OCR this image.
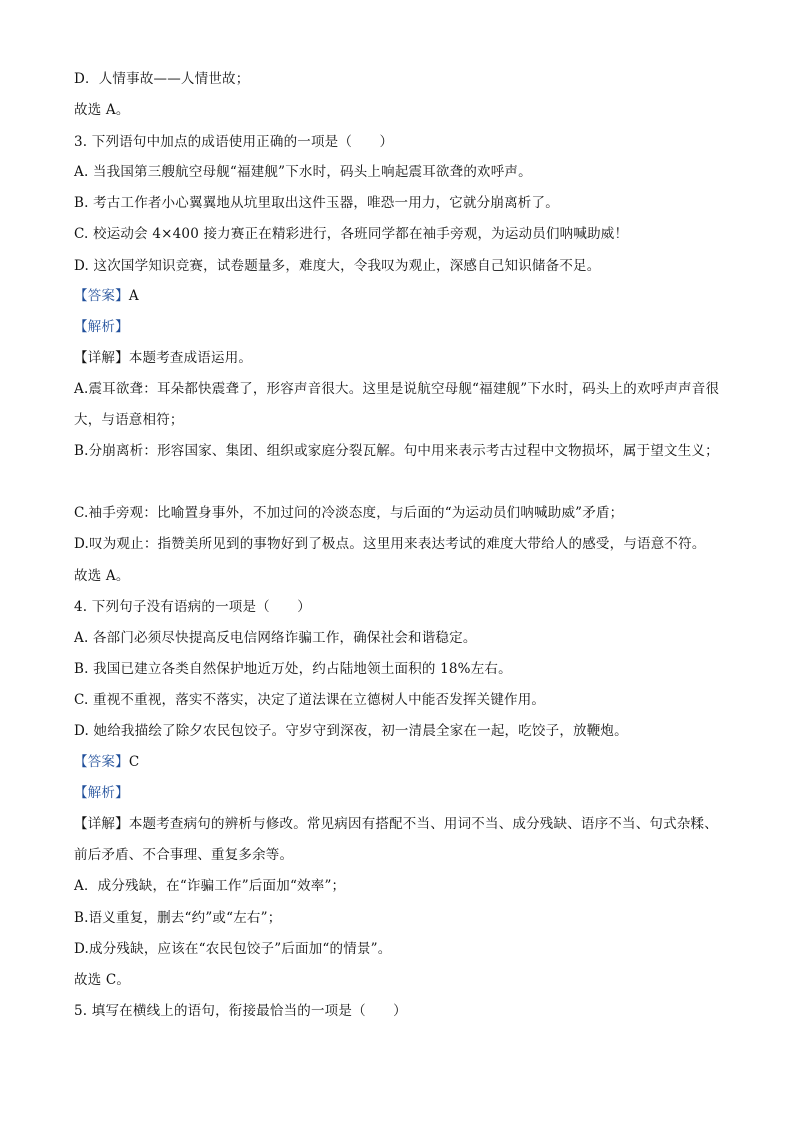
D．人情事故——人情世故；
故选 A。
3. 下列语句中加点的成语使用正确的一项是（　　）
A. 当我国第三艘航空母舰“福建舰”下水时，码头上响起震耳欲聋的欢呼声。
B. 考古工作者小心翼翼地从坑里取出这件玉器，唯恐一用力，它就分崩离析了。
C. 校运动会 4×400 接力赛正在精彩进行，各班同学都在袖手旁观，为运动员们呐喊助威！
D. 这次国学知识竞赛，试卷题量多，难度大，令我叹为观止，深感自己知识储备不足。
【答案】A
【解析】
【详解】本题考查成语运用。
A.震耳欲聋：耳朵都快震聋了，形容声音很大。这里是说航空母舰“福建舰”下水时，码头上的欢呼声声音很大，与语意相符；
B.分崩离析：形容国家、集团、组织或家庭分裂瓦解。句中用来表示考古过程中文物损坏，属于望文生义；
C.袖手旁观：比喻置身事外，不加过问的冷淡态度，与后面的“为运动员们呐喊助威”矛盾；
D.叹为观止：指赞美所见到的事物好到了极点。这里用来表达考试的难度大带给人的感受，与语意不符。
故选 A。
4. 下列句子没有语病的一项是（　　）
A. 各部门必须尽快提高反电信网络诈骗工作，确保社会和谐稳定。
B. 我国已建立各类自然保护地近万处，约占陆地领土面积的 18%左右。
C. 重视不重视，落实不落实，决定了道法课在立德树人中能否发挥关键作用。
D. 她给我描绘了除夕农民包饺子。守岁守到深夜，初一清晨全家在一起，吃饺子，放鞭炮。
【答案】C
【解析】
【详解】本题考查病句的辨析与修改。常见病因有搭配不当、用词不当、成分残缺、语序不当、句式杂糅、前后矛盾、不合事理、重复多余等。
A．成分残缺，在“诈骗工作”后面加“效率”；
B.语义重复，删去“约”或“左右”；
D.成分残缺，应该在“农民包饺子”后面加“的情景”。
故选 C。
5. 填写在横线上的语句，衔接最恰当的一项是（　　）
